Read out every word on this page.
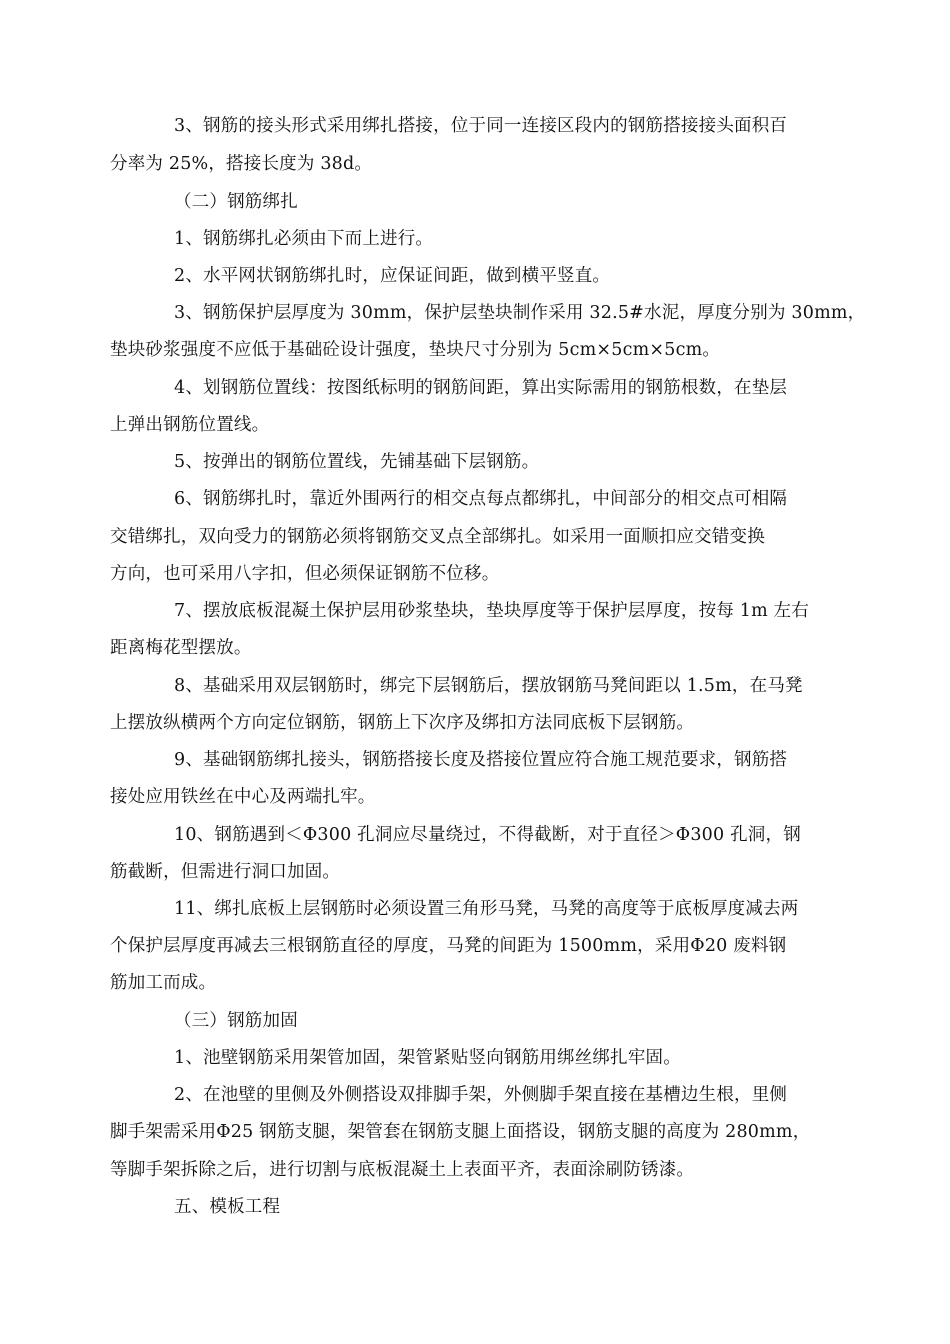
3、钢筋的接头形式采用绑扎搭接，位于同一连接区段内的钢筋搭接接头面积百
分率为 25%，搭接长度为 38d。
（二）钢筋绑扎
1、钢筋绑扎必须由下而上进行。
2、水平网状钢筋绑扎时，应保证间距，做到横平竖直。
3、钢筋保护层厚度为 30mm，保护层垫块制作采用 32.5#水泥，厚度分别为 30mm，
垫块砂浆强度不应低于基础砼设计强度，垫块尺寸分别为 5cm×5cm×5cm。
4、划钢筋位置线：按图纸标明的钢筋间距，算出实际需用的钢筋根数，在垫层
上弹出钢筋位置线。
5、按弹出的钢筋位置线，先铺基础下层钢筋。
6、钢筋绑扎时，靠近外围两行的相交点每点都绑扎，中间部分的相交点可相隔
交错绑扎，双向受力的钢筋必须将钢筋交叉点全部绑扎。如采用一面顺扣应交错变换
方向，也可采用八字扣，但必须保证钢筋不位移。
7、摆放底板混凝土保护层用砂浆垫块，垫块厚度等于保护层厚度，按每 1m 左右
距离梅花型摆放。
8、基础采用双层钢筋时，绑完下层钢筋后，摆放钢筋马凳间距以 1.5m，在马凳
上摆放纵横两个方向定位钢筋，钢筋上下次序及绑扣方法同底板下层钢筋。
9、基础钢筋绑扎接头，钢筋搭接长度及搭接位置应符合施工规范要求，钢筋搭
接处应用铁丝在中心及两端扎牢。
10、钢筋遇到＜Φ300 孔洞应尽量绕过，不得截断，对于直径＞Φ300 孔洞，钢
筋截断，但需进行洞口加固。
11、绑扎底板上层钢筋时必须设置三角形马凳，马凳的高度等于底板厚度减去两
个保护层厚度再减去三根钢筋直径的厚度，马凳的间距为 1500mm，采用Φ20 废料钢
筋加工而成。
（三）钢筋加固
1、池壁钢筋采用架管加固，架管紧贴竖向钢筋用绑丝绑扎牢固。
2、在池壁的里侧及外侧搭设双排脚手架，外侧脚手架直接在基槽边生根，里侧
脚手架需采用Φ25 钢筋支腿，架管套在钢筋支腿上面搭设，钢筋支腿的高度为 280mm，
等脚手架拆除之后，进行切割与底板混凝土上表面平齐，表面涂刷防锈漆。
五、模板工程
